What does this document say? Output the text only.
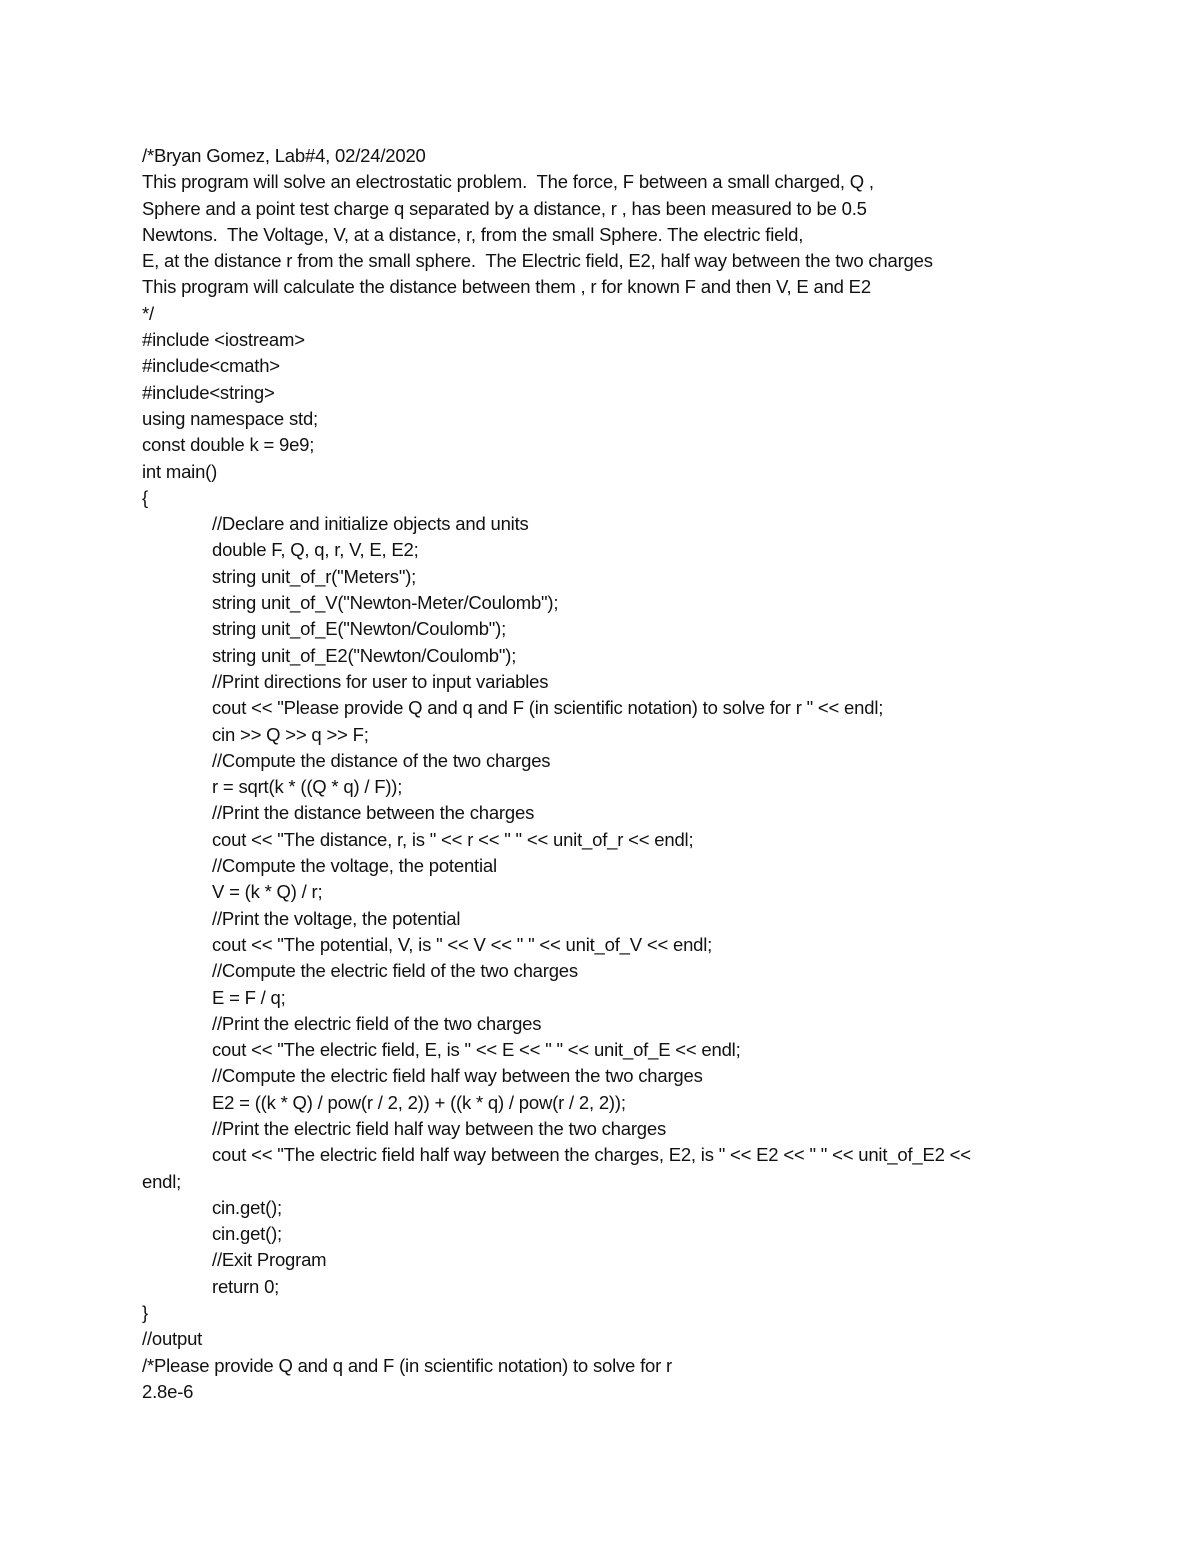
/*Bryan Gomez, Lab#4, 02/24/2020
This program will solve an electrostatic problem.  The force, F between a small charged, Q ,
Sphere and a point test charge q separated by a distance, r , has been measured to be 0.5
Newtons.  The Voltage, V, at a distance, r, from the small Sphere. The electric field,
E, at the distance r from the small sphere.  The Electric field, E2, half way between the two charges
This program will calculate the distance between them , r for known F and then V, E and E2
*/
#include <iostream>
#include<cmath>
#include<string>
using namespace std;
const double k = 9e9;
int main()
{
//Declare and initialize objects and units
double F, Q, q, r, V, E, E2;
string unit_of_r("Meters");
string unit_of_V("Newton-Meter/Coulomb");
string unit_of_E("Newton/Coulomb");
string unit_of_E2("Newton/Coulomb");
//Print directions for user to input variables
cout << "Please provide Q and q and F (in scientific notation) to solve for r " << endl;
cin >> Q >> q >> F;
//Compute the distance of the two charges
r = sqrt(k * ((Q * q) / F));
//Print the distance between the charges
cout << "The distance, r, is " << r << " " << unit_of_r << endl;
//Compute the voltage, the potential
V = (k * Q) / r;
//Print the voltage, the potential
cout << "The potential, V, is " << V << " " << unit_of_V << endl;
//Compute the electric field of the two charges
E = F / q;
//Print the electric field of the two charges
cout << "The electric field, E, is " << E << " " << unit_of_E << endl;
//Compute the electric field half way between the two charges
E2 = ((k * Q) / pow(r / 2, 2)) + ((k * q) / pow(r / 2, 2));
//Print the electric field half way between the two charges
cout << "The electric field half way between the charges, E2, is " << E2 << " " << unit_of_E2 <<
endl;
cin.get();
cin.get();
//Exit Program
return 0;
}
//output
/*Please provide Q and q and F (in scientific notation) to solve for r
2.8e-6
